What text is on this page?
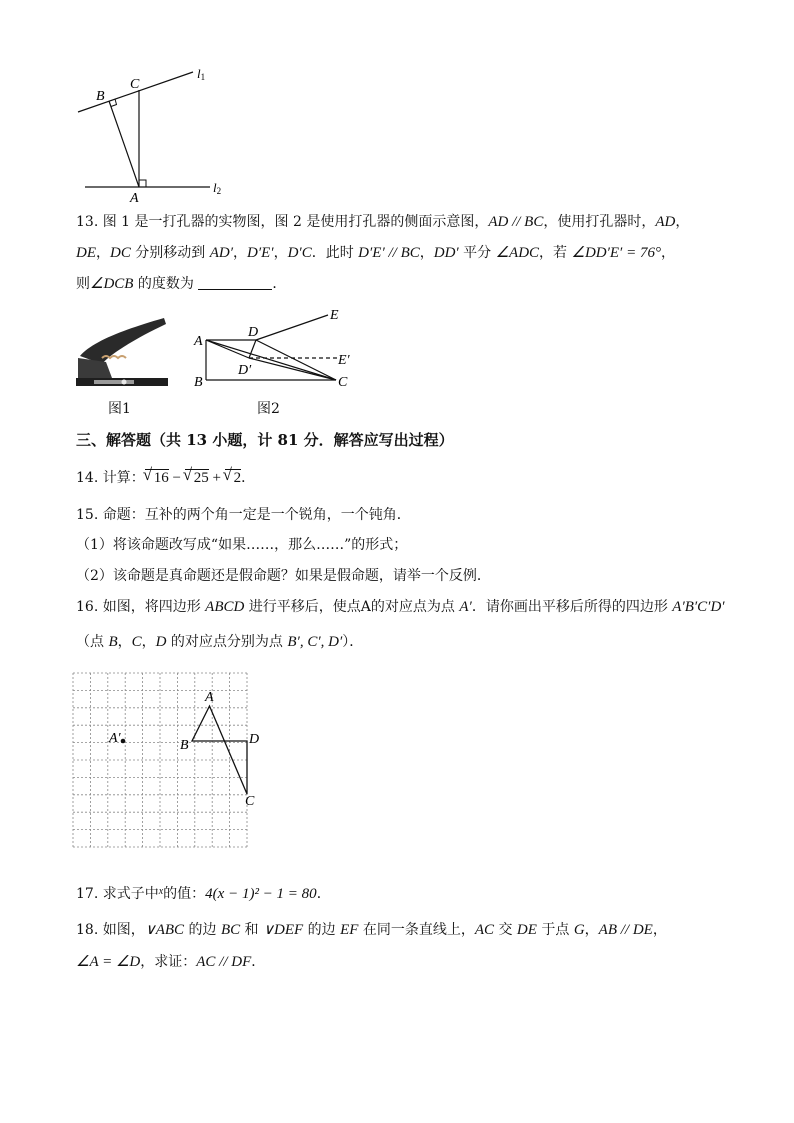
B
C
A
l1
l2
13. 图 1 是一打孔器的实物图，图 2 是使用打孔器的侧面示意图，AD // BC，使用打孔器时，AD，
DE，DC 分别移动到 AD′，D′E′，D′C．此时 D′E′ // BC，DD′ 平分 ∠ADC，若 ∠DD′E′ = 76°，
则∠DCB 的度数为	．
图1
A
B	C
D
D′
E
E′
图2
三、解答题（共 13 小题，计 81 分．解答应写出过程）
14. 计算：√ 16 − √ 25 + √ 2．
15. 命题：互补的两个角一定是一个锐角，一个钝角．
（1）将该命题改写成“如果……，那么……”的形式；
（2）该命题是真命题还是假命题？如果是假命题，请举一个反例．
16. 如图，将四边形 ABCD 进行平移后，使点A的对应点为点 A′．请你画出平移后所得的四边形 A′B′C′D′
（点 B，C，D 的对应点分别为点 B′, C′, D′）．
A
B
C
D
A′
17. 求式子中$^x$的值：4(x − 1)² − 1 = 80．
18. 如图，∨ABC 的边 BC 和 ∨DEF 的边 EF 在同一条直线上，AC 交 DE 于点 G，AB // DE，
∠A = ∠D，求证：AC // DF．
